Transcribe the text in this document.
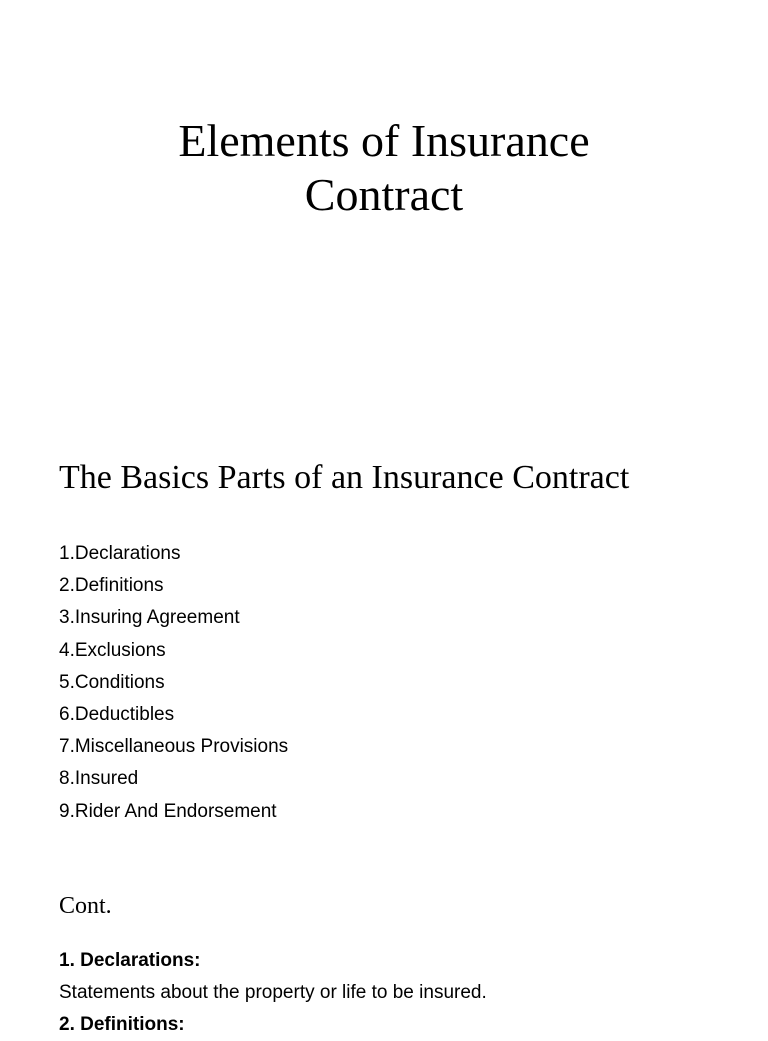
Elements of Insurance
Contract
The Basics Parts of an Insurance Contract
1.Declarations
2.Definitions
3.Insuring Agreement
4.Exclusions
5.Conditions
6.Deductibles
7.Miscellaneous Provisions
8.Insured
9.Rider And Endorsement
Cont.
1. Declarations:
Statements about the property or life to be insured.
2. Definitions:
